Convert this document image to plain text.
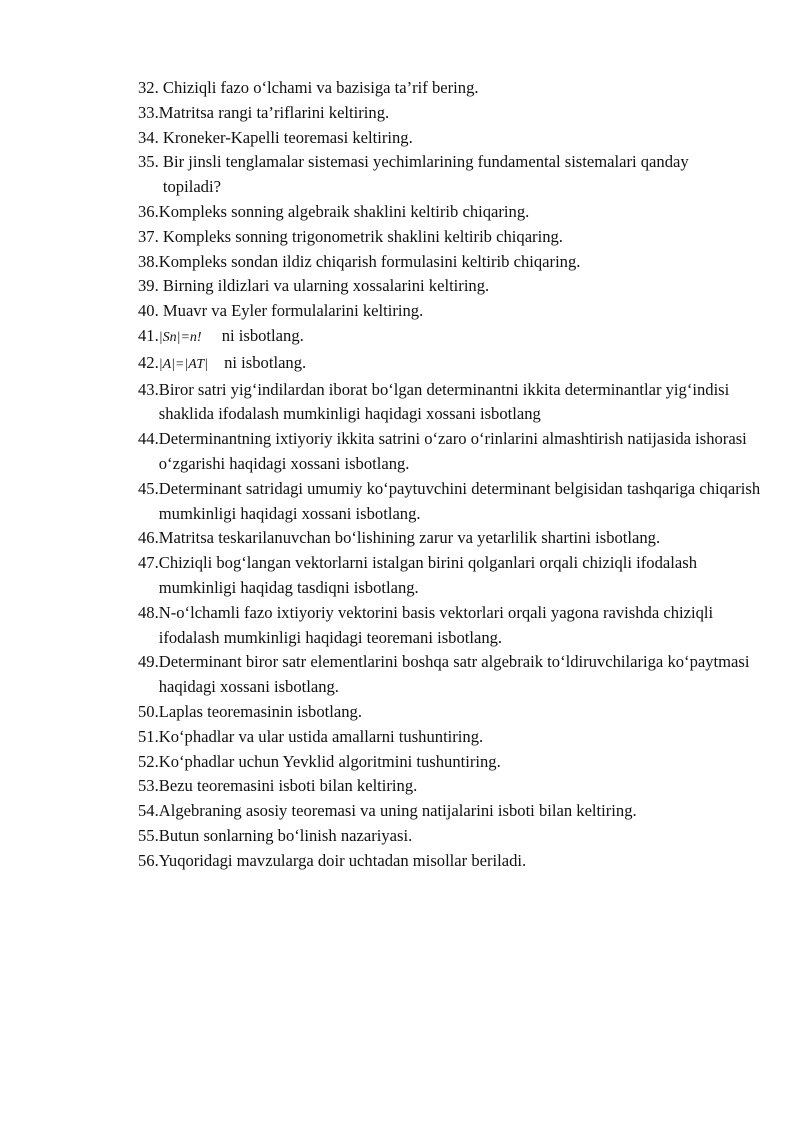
32. Chiziqli fazo o‘lchami va bazisiga ta’rif bering.
33. Matritsa rangi ta’riflarini keltiring.
34. Kroneker-Kapelli teoremasi keltiring.
35. Bir jinsli tenglamalar sistemasi yechimlarining fundamental sistemalari qanday topiladi?
36. Kompleks sonning algebraik shaklini keltirib chiqaring.
37. Kompleks sonning trigonometrik shaklini keltirib chiqaring.
38. Kompleks sondan ildiz chiqarish formulasini keltirib chiqaring.
39. Birning ildizlari va ularning xossalarini keltiring.
40. Muavr va Eyler formulalarini keltiring.
41. |Sn|=n! ni isbotlang.
42. |A|=|AT| ni isbotlang.
43. Biror satri yig‘indilardan iborat bo‘lgan determinantni ikkita determinantlar yig‘indisi shaklida ifodalash mumkinligi haqidagi xossani isbotlang
44. Determinantning ixtiyoriy ikkita satrini o‘zaro o‘rinlarini almashtirish natijasida ishorasi o‘zgarishi haqidagi xossani isbotlang.
45. Determinant satridagi umumiy ko‘paytuvchini determinant belgisidan tashqariga chiqarish mumkinligi haqidagi xossani isbotlang.
46. Matritsa teskarilanuvchan bo‘lishining zarur va yetarlilik shartini isbotlang.
47. Chiziqli bog‘langan vektorlarni istalgan birini qolganlari orqali chiziqli ifodalash mumkinligi haqidag tasdiqni isbotlang.
48. N-o‘lchamli fazo ixtiyoriy vektorini basis vektorlari orqali yagona ravishda chiziqli ifodalash mumkinligi haqidagi teoremani isbotlang.
49. Determinant biror satr elementlarini boshqa satr algebraik to‘ldiruvchilariga ko‘paytmasi haqidagi xossani isbotlang.
50. Laplas teoremasinin isbotlang.
51. Ko‘phadlar va ular ustida amallarni tushuntiring.
52. Ko‘phadlar uchun Yevklid algoritmini tushuntiring.
53. Bezu teoremasini isboti bilan keltiring.
54. Algebraning asosiy teoremasi va uning natijalarini isboti bilan keltiring.
55. Butun sonlarning bo‘linish nazariyasi.
56. Yuqoridagi mavzularga doir uchtadan misollar beriladi.
